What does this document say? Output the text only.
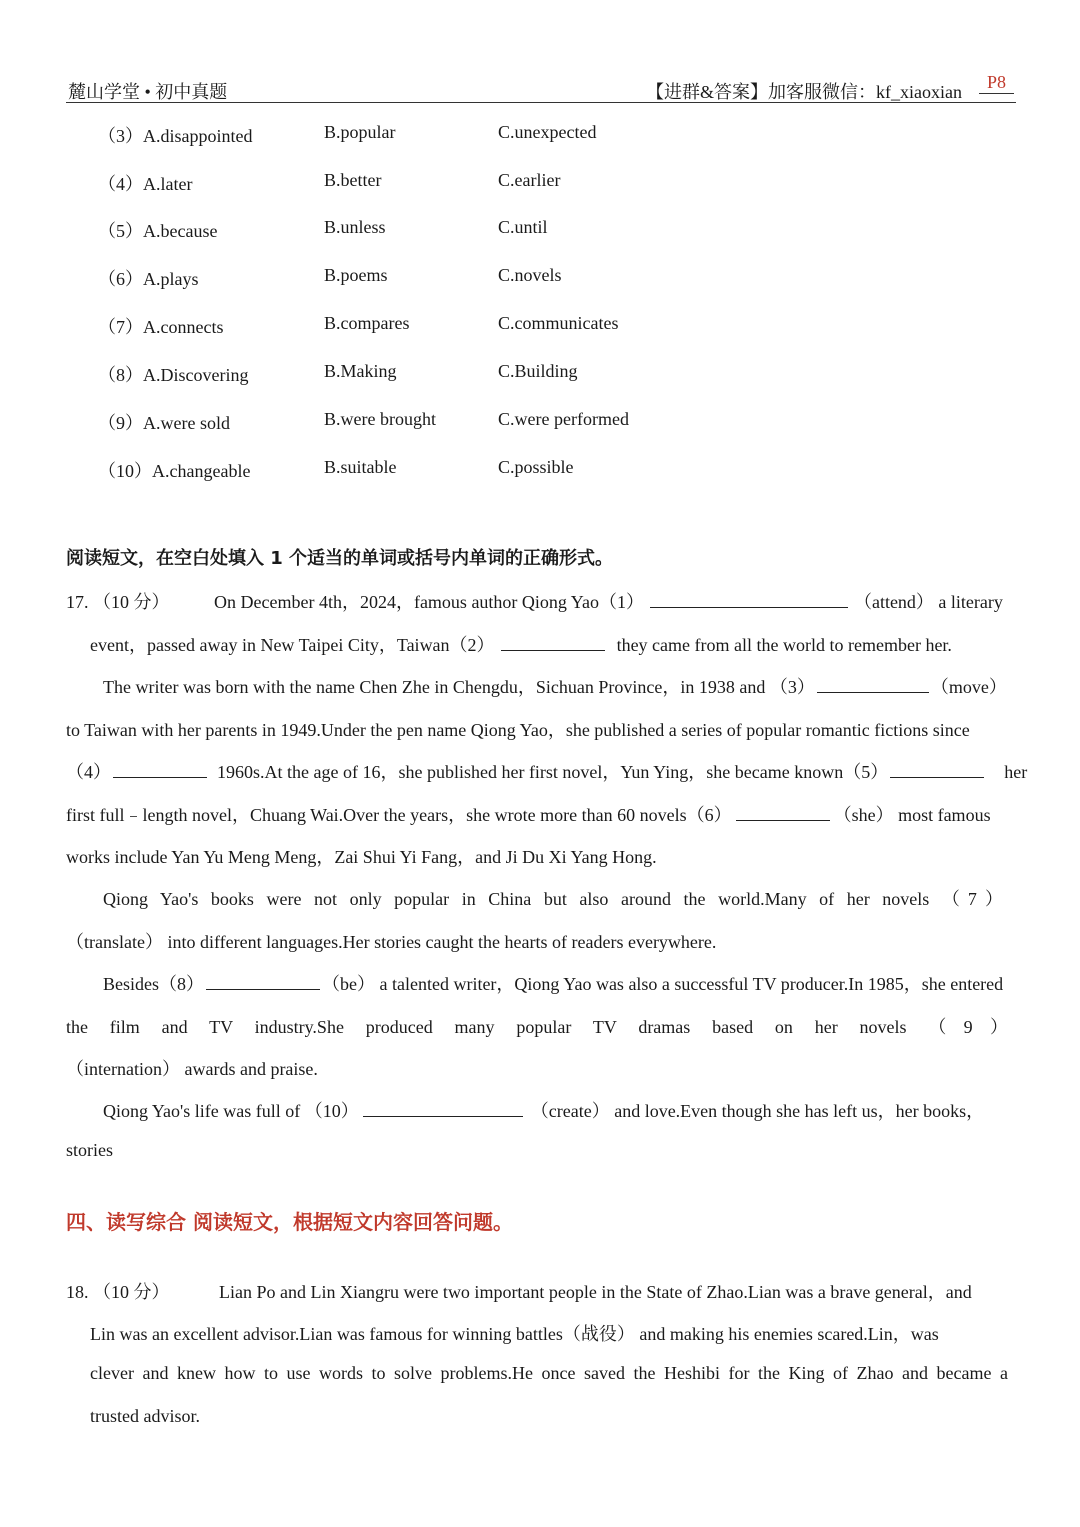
麓山学堂 • 初中真题	【进群&答案】加客服微信：kf_xiaoxian	P8
（3）A.disappointed	B.popular	C.unexpected
（4）A.later	B.better	C.earlier
（5）A.because	B.unless	C.until
（6）A.plays	B.poems	C.novels
（7）A.connects	B.compares	C.communicates
（8）A.Discovering	B.Making	C.Building
（9）A.were sold	B.were brought	C.were performed
（10）A.changeable	B.suitable	C.possible
阅读短文，在空白处填入 1 个适当的单词或括号内单词的正确形式。
17. （10 分） On December 4th，2024，famous author Qiong Yao（1）	（attend） a literary
event，passed away in New Taipei City，Taiwan（2）	they came from all the world to remember her.
The writer was born with the name Chen Zhe in Chengdu，Sichuan Province，in 1938 and （3）	（move）
to Taiwan with her parents in 1949.Under the pen name Qiong Yao，she published a series of popular romantic fictions since
（4）	1960s.At the age of 16，she published her first novel，Yun Ying，she became known（5）	her
first full﹣length novel，Chuang Wai.Over the years，she wrote more than 60 novels（6）	（she） most famous
works include Yan Yu Meng Meng，Zai Shui Yi Fang，and Ji Du Xi Yang Hong.
Qiong Yao's books were not only popular in China but also around the world.Many of her novels （7）
（translate） into different languages.Her stories caught the hearts of readers everywhere.
Besides（8）	（be） a talented writer，Qiong Yao was also a successful TV producer.In 1985，she entered
the film and TV industry.She produced many popular TV dramas based on her novels （9）
（internation） awards and praise.
Qiong Yao's life was full of （10）	（create） and love.Even though she has left us，her books，
stories
四、读写综合 阅读短文，根据短文内容回答问题。
18. （10 分）	Lian Po and Lin Xiangru were two important people in the State of Zhao.Lian was a brave general，and
Lin was an excellent advisor.Lian was famous for winning battles（战役） and making his enemies scared.Lin，was
clever and knew how to use words to solve problems.He once saved the Heshibi for the King of Zhao and became a
trusted advisor.
